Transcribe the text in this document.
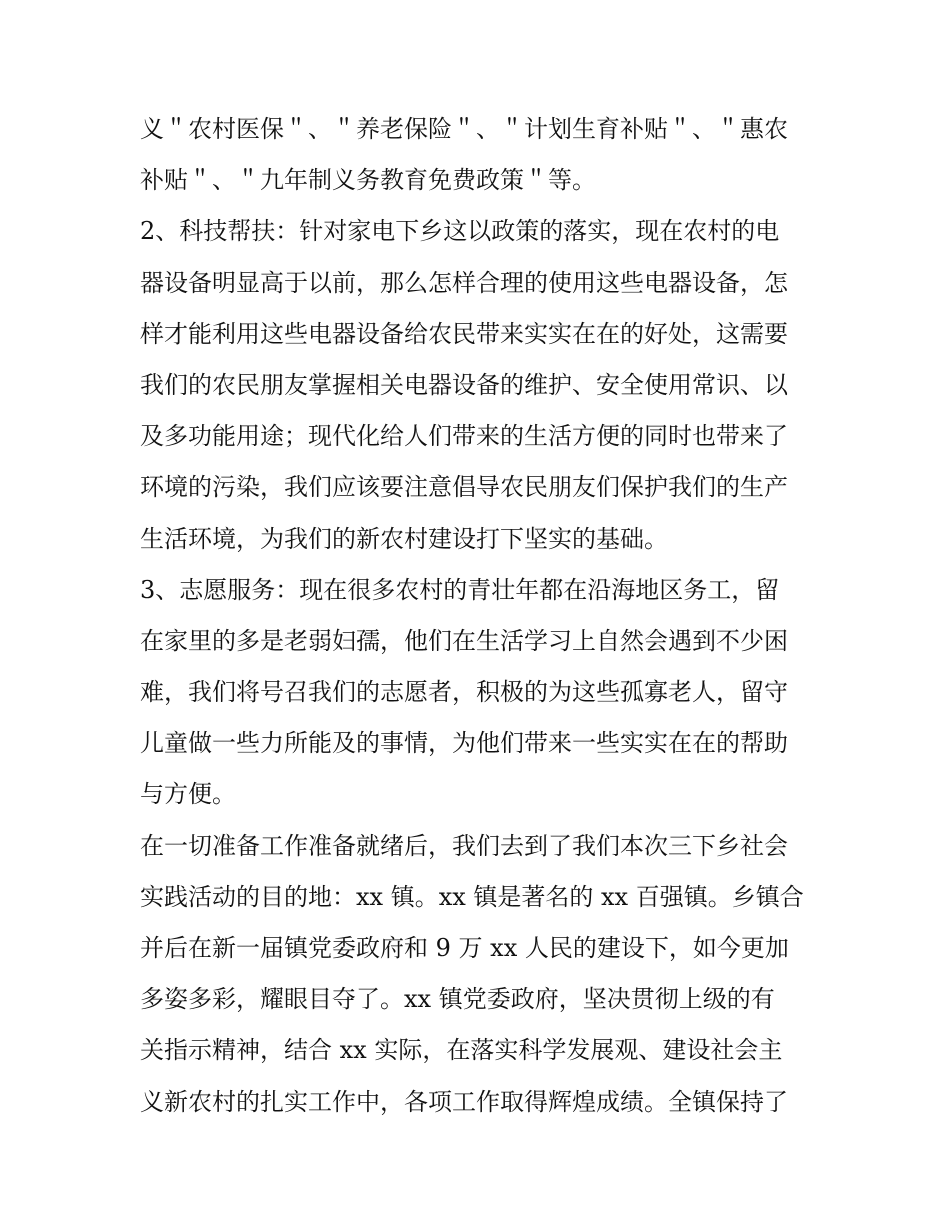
义＂农村医保＂、＂养老保险＂、＂计划生育补贴＂、＂惠农
补贴＂、＂九年制义务教育免费政策＂等。
2、科技帮扶：针对家电下乡这以政策的落实，现在农村的电
器设备明显高于以前，那么怎样合理的使用这些电器设备，怎
样才能利用这些电器设备给农民带来实实在在的好处，这需要
我们的农民朋友掌握相关电器设备的维护、安全使用常识、以
及多功能用途；现代化给人们带来的生活方便的同时也带来了
环境的污染，我们应该要注意倡导农民朋友们保护我们的生产
生活环境，为我们的新农村建设打下坚实的基础。
3、志愿服务：现在很多农村的青壮年都在沿海地区务工，留
在家里的多是老弱妇孺，他们在生活学习上自然会遇到不少困
难，我们将号召我们的志愿者，积极的为这些孤寡老人，留守
儿童做一些力所能及的事情，为他们带来一些实实在在的帮助
与方便。
在一切准备工作准备就绪后，我们去到了我们本次三下乡社会
实践活动的目的地：xx 镇。xx 镇是著名的 xx 百强镇。乡镇合
并后在新一届镇党委政府和 9 万 xx 人民的建设下，如今更加
多姿多彩，耀眼目夺了。xx 镇党委政府，坚决贯彻上级的有
关指示精神，结合 xx 实际，在落实科学发展观、建设社会主
义新农村的扎实工作中，各项工作取得辉煌成绩。全镇保持了
